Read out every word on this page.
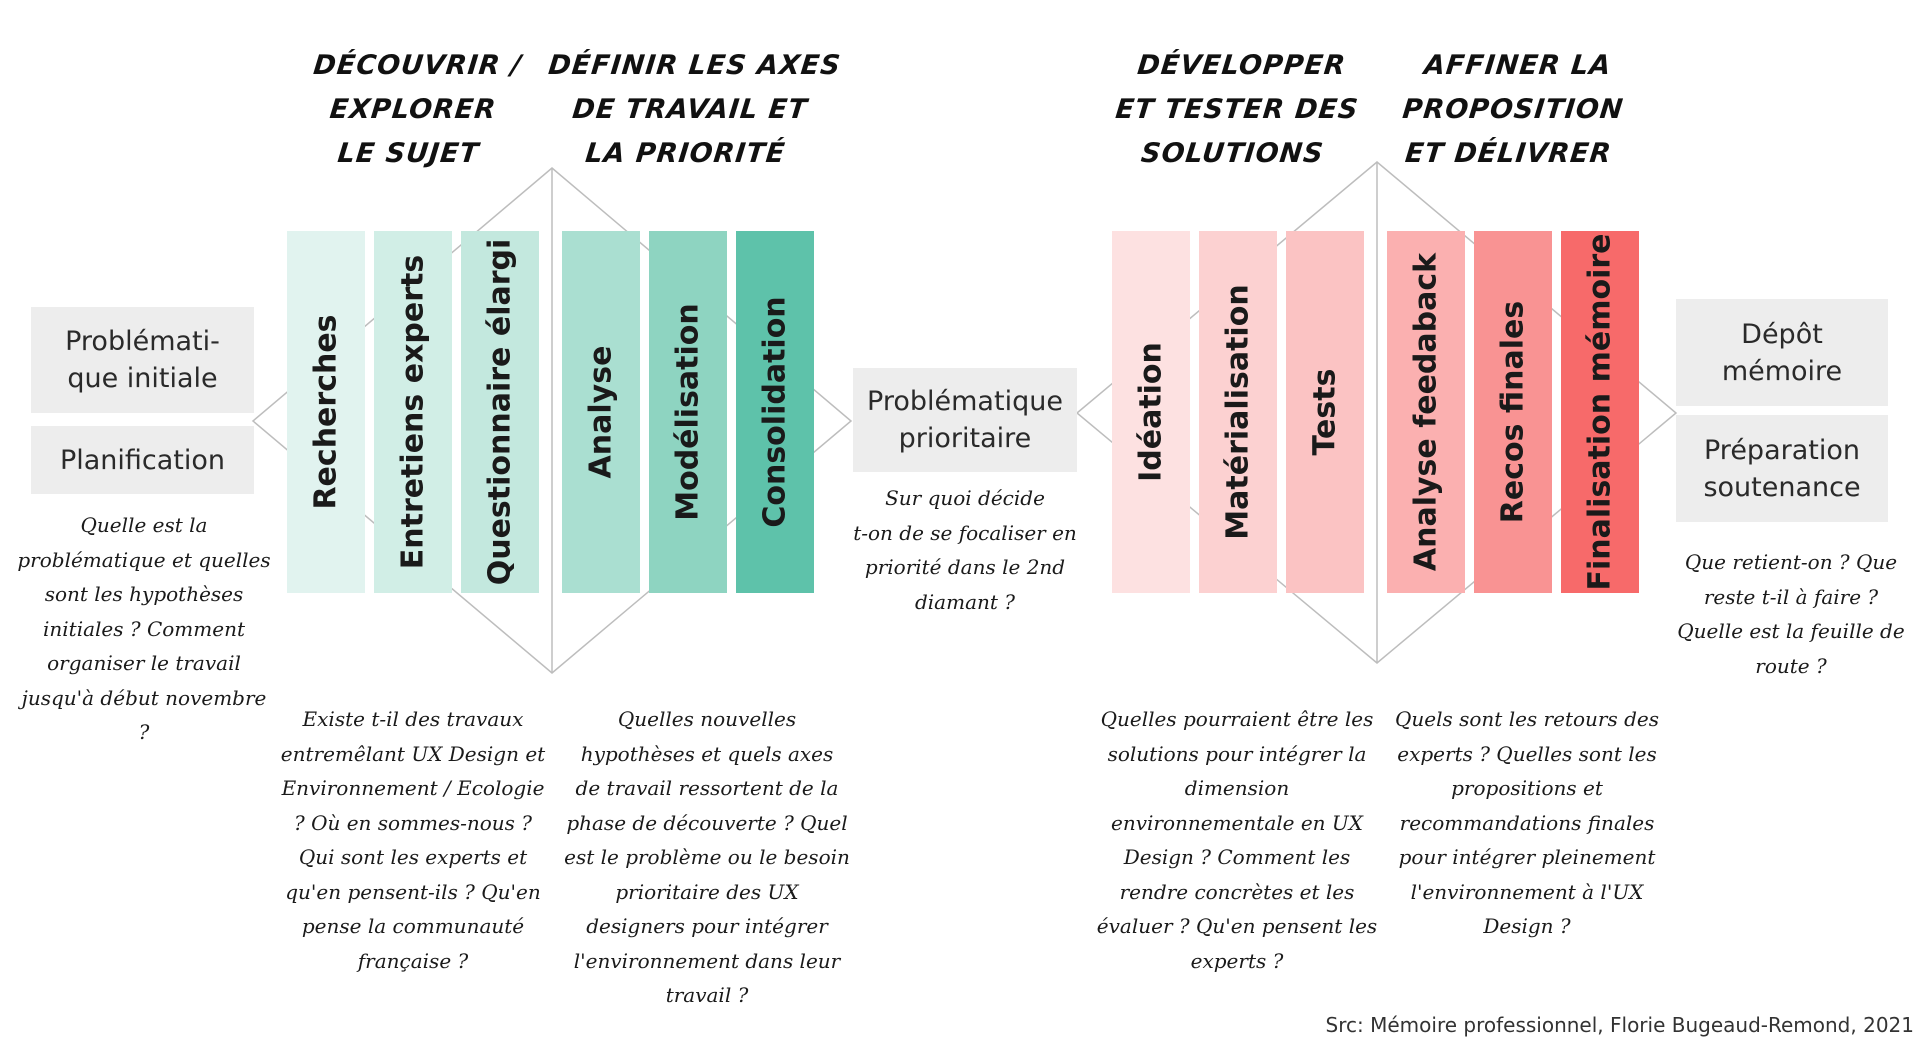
DÉCOUVRIR /
EXPLORER
LE SUJET
DÉFINIR LES AXES
DE TRAVAIL ET
LA PRIORITÉ
DÉVELOPPER
ET TESTER DES
SOLUTIONS
AFFINER LA
PROPOSITION
ET DÉLIVRER
Problémati-
que initiale
Planification
Problématique
prioritaire
Dépôt
mémoire
Préparation
soutenance
Recherches Entretiens experts Questionnaire élargi Analyse Modélisation Consolidation	Idéation Matérialisation Tests Analyse feedaback Recos finales Finalisation mémoire
Quelle est la
problématique et quelles
sont les hypothèses
initiales ? Comment
organiser le travail
jusqu'à début novembre ?
Existe t-il des travaux
entremêlant UX Design et
Environnement / Ecologie
? Où en sommes-nous ?
Qui sont les experts et
qu'en pensent-ils ? Qu'en
pense la communauté
française ?
Quelles nouvelles
hypothèses et quels axes
de travail ressortent de la
phase de découverte ? Quel
est le problème ou le besoin
prioritaire des UX
designers pour intégrer
l'environnement dans leur
travail ?
Sur quoi décide
t-on de se focaliser en
priorité dans le 2nd
diamant ?
Quelles pourraient être les
solutions pour intégrer la
dimension
environnementale en UX
Design ? Comment les
rendre concrètes et les
évaluer ? Qu'en pensent les
experts ?
Quels sont les retours des
experts ? Quelles sont les
propositions et
recommandations finales
pour intégrer pleinement
l'environnement à l'UX
Design ?
Que retient-on ? Que
reste t-il à faire ?
Quelle est la feuille de
route ?
Src: Mémoire professionnel, Florie Bugeaud-Remond, 2021
